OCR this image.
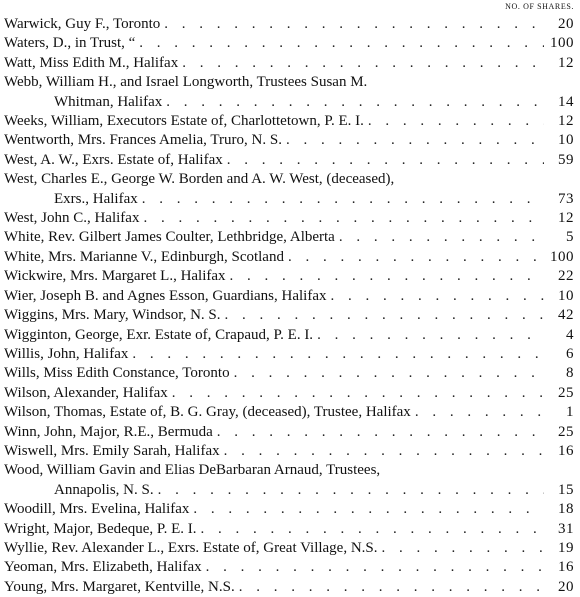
NO. OF SHARES.
Warwick, Guy F., Toronto . . .	20
Waters, D., in Trust, “ . . .	100
Watt, Miss Edith M., Halifax . . .	12
Webb, William H., and Israel Longworth, Trustees Susan M.
Whitman, Halifax . . .	14
Weeks, William, Executors Estate of, Charlottetown, P. E. I. . . .	12
Wentworth, Mrs. Frances Amelia, Truro, N. S. . . .	10
West, A. W., Exrs. Estate of, Halifax . . .	59
West, Charles E., George W. Borden and A. W. West, (deceased),
Exrs., Halifax . . .	73
West, John C., Halifax . . .	12
White, Rev. Gilbert James Coulter, Lethbridge, Alberta . . .	5
White, Mrs. Marianne V., Edinburgh, Scotland . . .	100
Wickwire, Mrs. Margaret L., Halifax . . .	22
Wier, Joseph B. and Agnes Esson, Guardians, Halifax . . .	10
Wiggins, Mrs. Mary, Windsor, N. S. . . .	42
Wigginton, George, Exr. Estate of, Crapaud, P. E. I. . . .	4
Willis, John, Halifax . . .	6
Wills, Miss Edith Constance, Toronto . . .	8
Wilson, Alexander, Halifax . . .	25
Wilson, Thomas, Estate of, B. G. Gray, (deceased), Trustee, Halifax . . .	1
Winn, John, Major, R.E., Bermuda . . .	25
Wiswell, Mrs. Emily Sarah, Halifax . . .	16
Wood, William Gavin and Elias DeBarbaran Arnaud, Trustees,
Annapolis, N. S. . . .	15
Woodill, Mrs. Evelina, Halifax . . .	18
Wright, Major, Bedeque, P. E. I. . . .	31
Wyllie, Rev. Alexander L., Exrs. Estate of, Great Village, N.S. . . .	19
Yeoman, Mrs. Elizabeth, Halifax . . .	16
Young, Mrs. Margaret, Kentville, N.S. . . .	20
